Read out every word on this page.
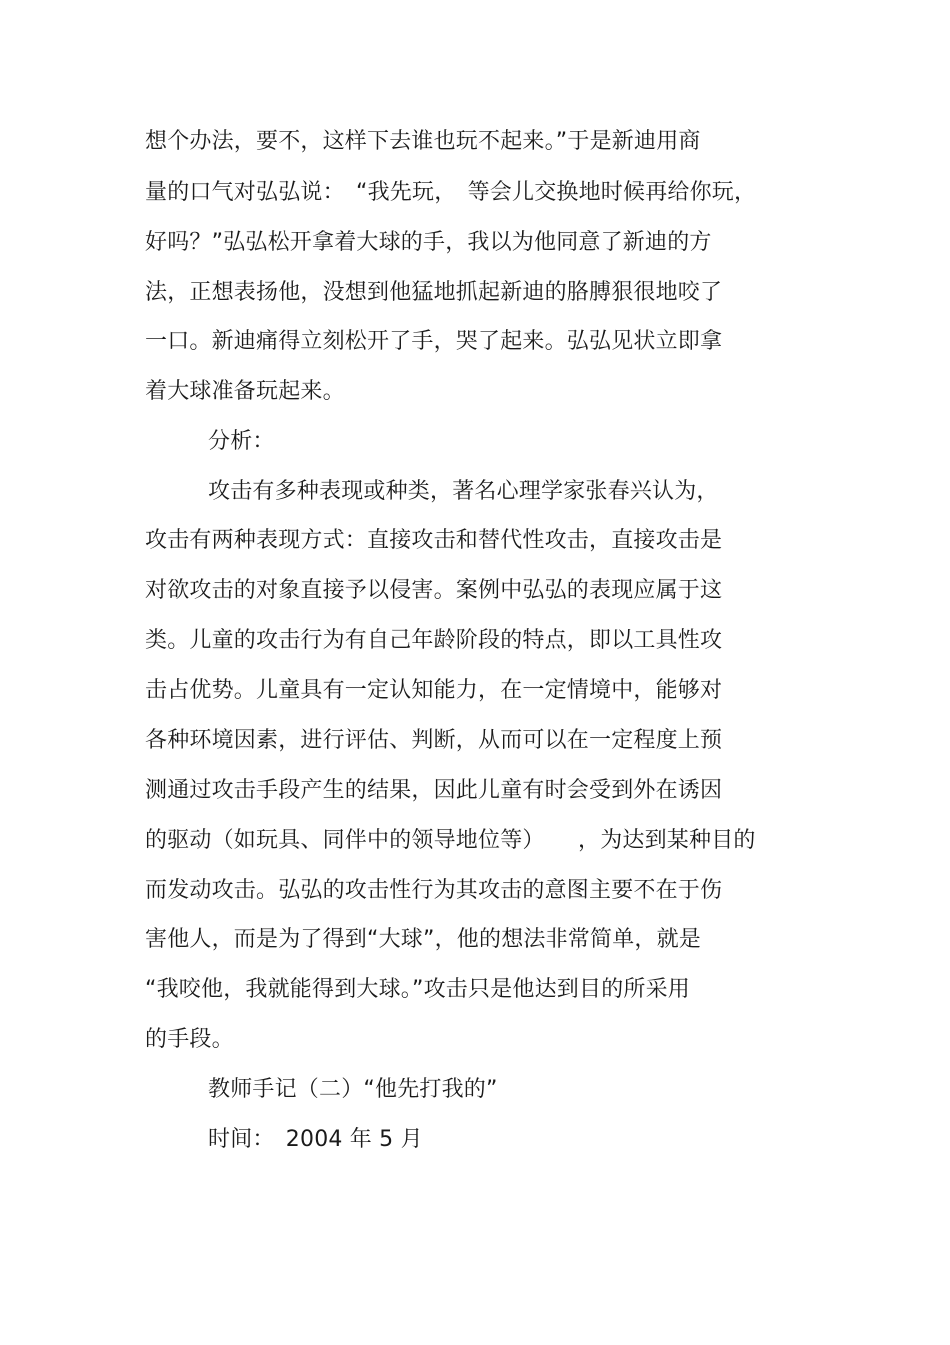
想个办法，要不，这样下去谁也玩不起来。”于是新迪用商

量的口气对弘弘说：　“我先玩，　等会儿交换地时候再给你玩，

好吗？”弘弘松开拿着大球的手，我以为他同意了新迪的方

法，正想表扬他，没想到他猛地抓起新迪的胳膊狠很地咬了

一口。新迪痛得立刻松开了手，哭了起来。弘弘见状立即拿

着大球准备玩起来。

分析：

攻击有多种表现或种类，著名心理学家张春兴认为，

攻击有两种表现方式：直接攻击和替代性攻击，直接攻击是

对欲攻击的对象直接予以侵害。案例中弘弘的表现应属于这

类。儿童的攻击行为有自己年龄阶段的特点，即以工具性攻

击占优势。儿童具有一定认知能力，在一定情境中，能够对

各种环境因素，进行评估、判断，从而可以在一定程度上预

测通过攻击手段产生的结果，因此儿童有时会受到外在诱因

的驱动（如玩具、同伴中的领导地位等）　　，为达到某种目的

而发动攻击。弘弘的攻击性行为其攻击的意图主要不在于伤

害他人，而是为了得到“大球”，他的想法非常简单，就是

“我咬他，我就能得到大球。”攻击只是他达到目的所采用

的手段。

教师手记（二）“他先打我的”

时间：　2004 年 5 月
